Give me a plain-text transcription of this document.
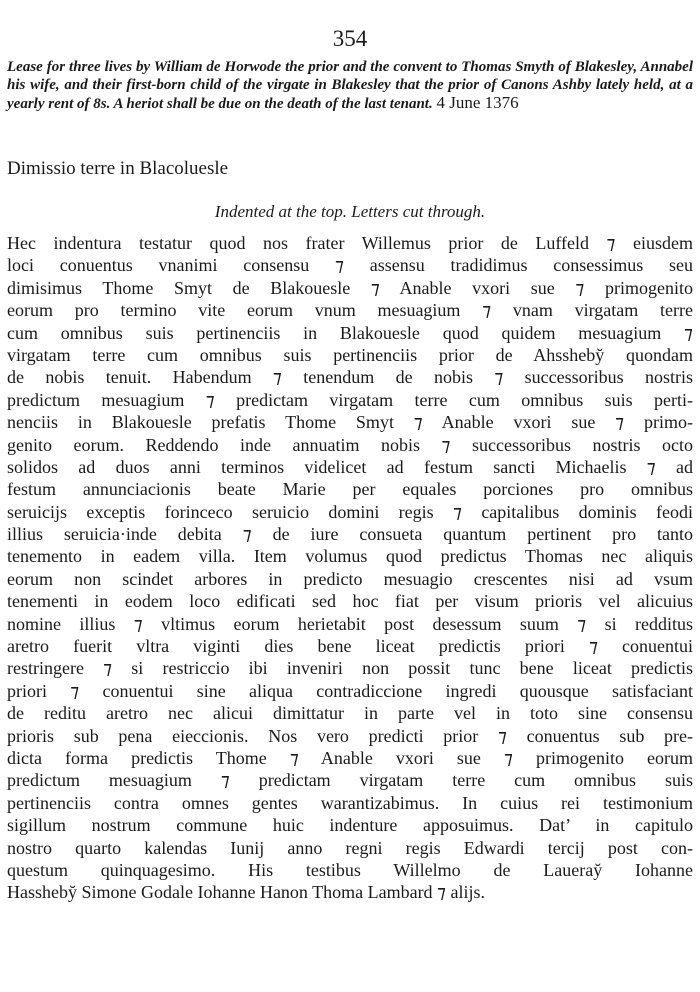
354
Lease for three lives by William de Horwode the prior and the convent to Thomas Smyth of Blakesley, Annabel his wife, and their first-born child of the virgate in Blakesley that the prior of Canons Ashby lately held, at a yearly rent of 8s. A heriot shall be due on the death of the last tenant. 4 June 1376
Dimissio terre in Blacoluesle
Indented at the top. Letters cut through.
Hec indentura testatur quod nos frater Willemus prior de Luffeld ⁊ eiusdem
loci conuentus vnanimi consensu ⁊ assensu tradidimus consessimus seu
dimisimus Thome Smyt de Blakouesle ⁊ Anable vxori sue ⁊ primogenito
eorum pro termino vite eorum vnum mesuagium ⁊ vnam virgatam terre
cum omnibus suis pertinenciis in Blakouesle quod quidem mesuagium ⁊
virgatam terre cum omnibus suis pertinenciis prior de Ahssheby̆ quondam
de nobis tenuit. Habendum ⁊ tenendum de nobis ⁊ successoribus nostris
predictum mesuagium ⁊ predictam virgatam terre cum omnibus suis perti-
nenciis in Blakouesle prefatis Thome Smyt ⁊ Anable vxori sue ⁊ primo-
genito eorum. Reddendo inde annuatim nobis ⁊ successoribus nostris octo
solidos ad duos anni terminos videlicet ad festum sancti Michaelis ⁊ ad
festum annunciacionis beate Marie per equales porciones pro omnibus
seruicijs exceptis forinceco seruicio domini regis ⁊ capitalibus dominis feodi
illius seruicia·inde debita ⁊ de iure consueta quantum pertinent pro tanto
tenemento in eadem villa. Item volumus quod predictus Thomas nec aliquis
eorum non scindet arbores in predicto mesuagio crescentes nisi ad vsum
tenementi in eodem loco edificati sed hoc fiat per visum prioris vel alicuius
nomine illius ⁊ vltimus eorum herietabit post desessum suum ⁊ si redditus
aretro fuerit vltra viginti dies bene liceat predictis priori ⁊ conuentui
restringere ⁊ si restriccio ibi inveniri non possit tunc bene liceat predictis
priori ⁊ conuentui sine aliqua contradiccione ingredi quousque satisfaciant
de reditu aretro nec alicui dimittatur in parte vel in toto sine consensu
prioris sub pena eieccionis. Nos vero predicti prior ⁊ conuentus sub pre-
dicta forma predictis Thome ⁊ Anable vxori sue ⁊ primogenito eorum
predictum mesuagium ⁊ predictam virgatam terre cum omnibus suis
pertinenciis contra omnes gentes warantizabimus. In cuius rei testimonium
sigillum nostrum commune huic indenture apposuimus. Dat’ in capitulo
nostro quarto kalendas Iunij anno regni regis Edwardi tercij post con-
questum quinquagesimo. His testibus Willelmo de Laueray̆ Iohanne
Hassheby̆ Simone Godale Iohanne Hanon Thoma Lambard ⁊ alijs.
